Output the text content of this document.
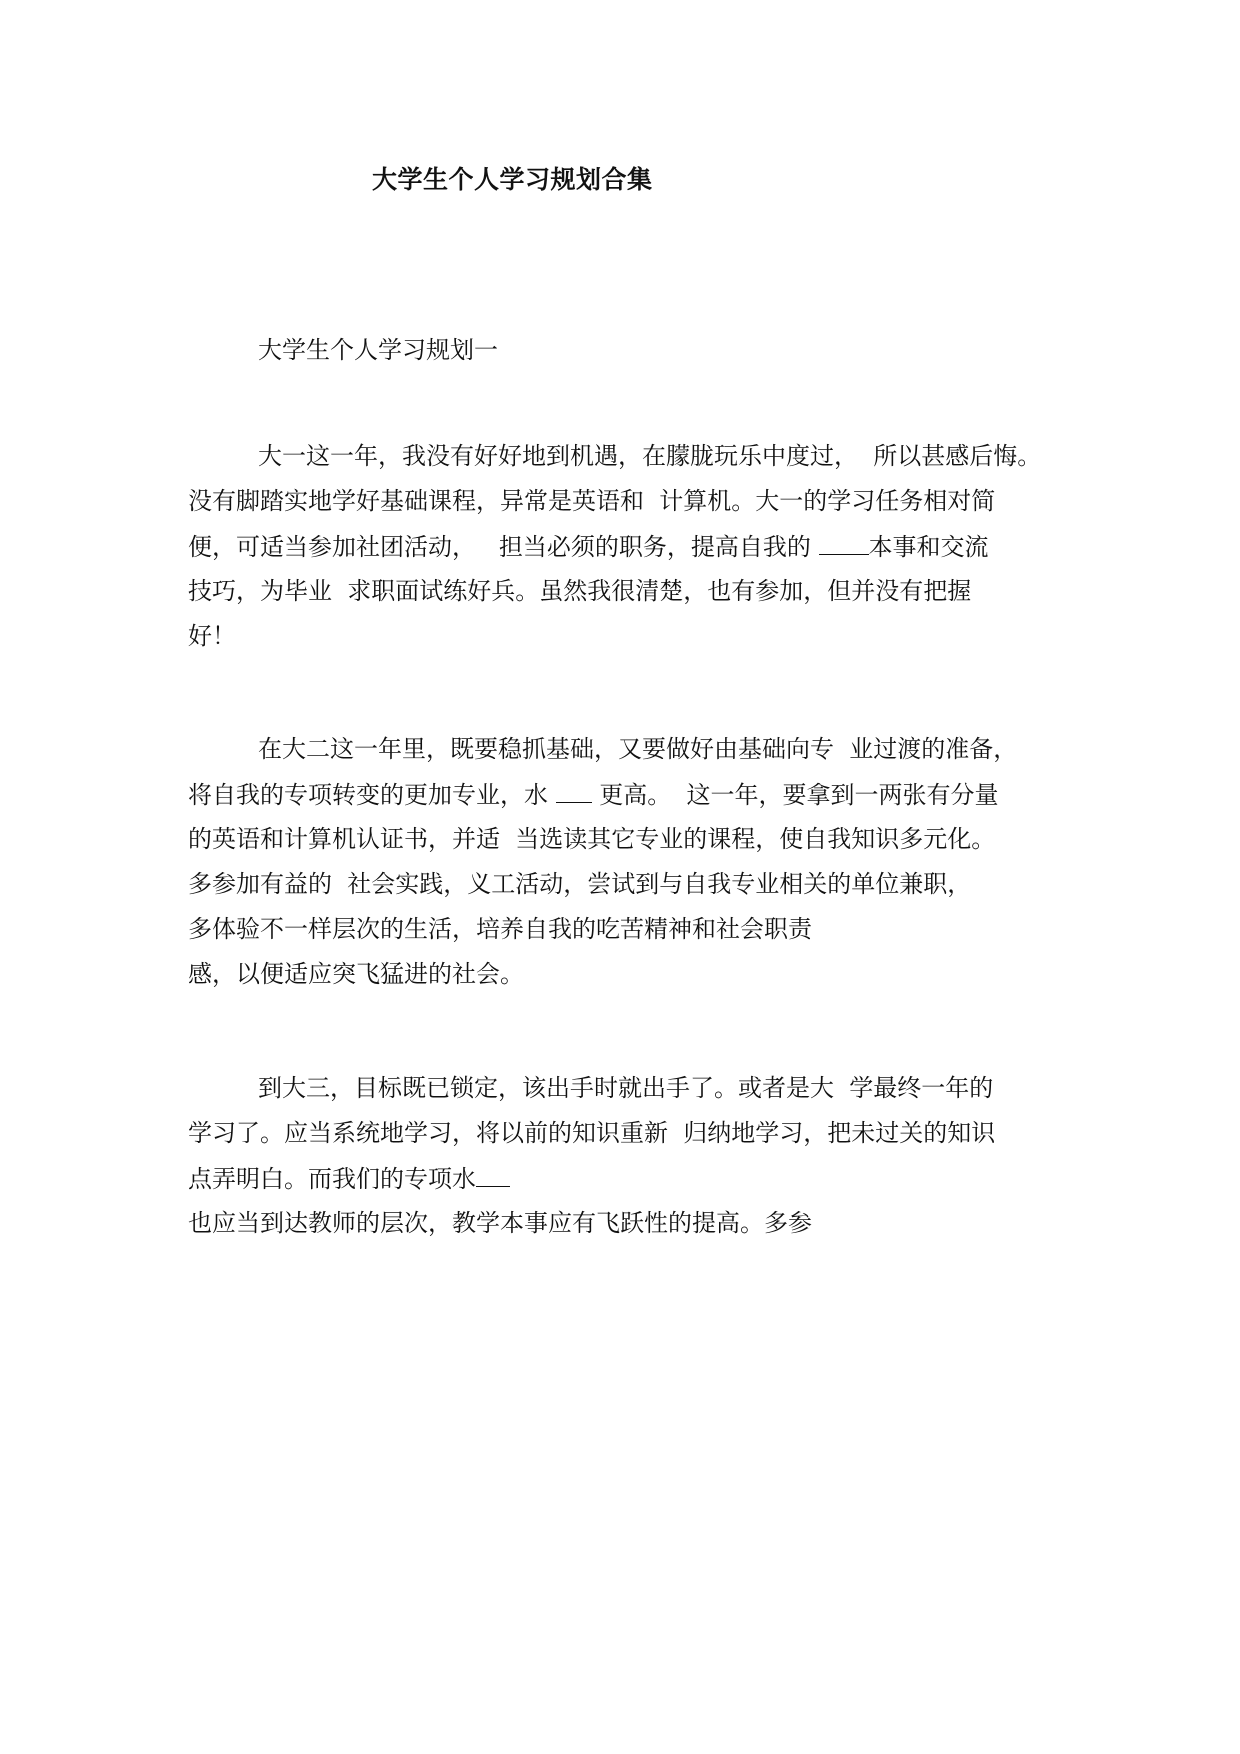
大学生个人学习规划合集
大学生个人学习规划一
大一这一年，我没有好好地到机遇，在朦胧玩乐中度过，  所以甚感后悔。
没有脚踏实地学好基础课程，异常是英语和  计算机。大一的学习任务相对简
便，可适当参加社团活动，   担当必须的职务，提高自我的 本事和交流
技巧，为毕业  求职面试练好兵。虽然我很清楚，也有参加，但并没有把握
好！
在大二这一年里，既要稳抓基础，又要做好由基础向专  业过渡的准备，
将自我的专项转变的更加专业，水  更高。  这一年，要拿到一两张有分量
的英语和计算机认证书，并适  当选读其它专业的课程，使自我知识多元化。
多参加有益的  社会实践，义工活动，尝试到与自我专业相关的单位兼职，
多体验不一样层次的生活，培养自我的吃苦精神和社会职责
感，以便适应突飞猛进的社会。
到大三，目标既已锁定，该出手时就出手了。或者是大  学最终一年的
学习了。应当系统地学习，将以前的知识重新  归纳地学习，把未过关的知识
点弄明白。而我们的专项水
也应当到达教师的层次，教学本事应有飞跃性的提高。多参
